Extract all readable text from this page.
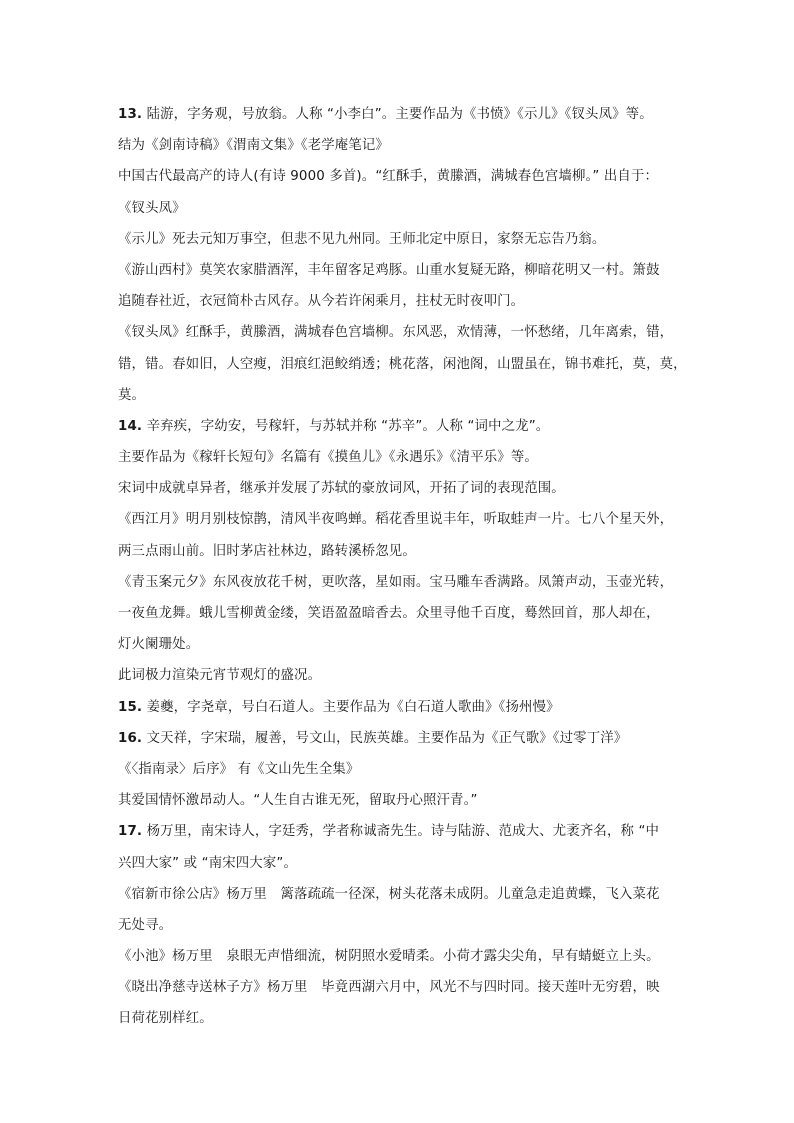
13. 陆游，字务观，号放翁。人称 “小李白”。主要作品为《书愤》《示儿》《钗头凤》等。
结为《剑南诗稿》《渭南文集》《老学庵笔记》
中国古代最高产的诗人(有诗 9000 多首)。“红酥手，黄縢酒，满城春色宫墙柳。” 出自于：
《钗头凤》
《示儿》死去元知万事空，但悲不见九州同。王师北定中原日，家祭无忘告乃翁。
《游山西村》莫笑农家腊酒浑，丰年留客足鸡豚。山重水复疑无路，柳暗花明又一村。箫鼓
追随春社近，衣冠简朴古风存。从今若许闲乘月，拄杖无时夜叩门。
《钗头凤》红酥手，黄縢酒，满城春色宫墙柳。东风恶，欢情薄，一怀愁绪，几年离索，错，
错，错。春如旧，人空瘦，泪痕红浥鲛绡透；桃花落，闲池阁，山盟虽在，锦书难托，莫，莫，
莫。
14. 辛弃疾，字幼安，号稼轩，与苏轼并称 “苏辛”。人称 “词中之龙”。
主要作品为《稼轩长短句》名篇有《摸鱼儿》《永遇乐》《清平乐》等。
宋词中成就卓异者，继承并发展了苏轼的豪放词风，开拓了词的表现范围。
《西江月》明月别枝惊鹊，清风半夜鸣蝉。稻花香里说丰年，听取蛙声一片。七八个星天外，
两三点雨山前。旧时茅店社林边，路转溪桥忽见。
《青玉案元夕》东风夜放花千树，更吹落，星如雨。宝马雕车香满路。凤箫声动，玉壶光转，
一夜鱼龙舞。蛾儿雪柳黄金缕，笑语盈盈暗香去。众里寻他千百度，蓦然回首，那人却在，
灯火阑珊处。
此词极力渲染元宵节观灯的盛况。
15. 姜夔，字尧章，号白石道人。主要作品为《白石道人歌曲》《扬州慢》
16. 文天祥，字宋瑞，履善，号文山，民族英雄。主要作品为《正气歌》《过零丁洋》
《〈指南录〉后序》 有《文山先生全集》
其爱国情怀激昂动人。“人生自古谁无死，留取丹心照汗青。”
17. 杨万里，南宋诗人，字廷秀，学者称诚斋先生。诗与陆游、范成大、尤袤齐名，称 “中
兴四大家” 或 “南宋四大家”。
《宿新市徐公店》杨万里　篱落疏疏一径深，树头花落未成阴。儿童急走追黄蝶，飞入菜花
无处寻。
《小池》杨万里　泉眼无声惜细流，树阴照水爱晴柔。小荷才露尖尖角，早有蜻蜓立上头。
《晓出净慈寺送林子方》杨万里　毕竟西湖六月中，风光不与四时同。接天莲叶无穷碧，映
日荷花别样红。
